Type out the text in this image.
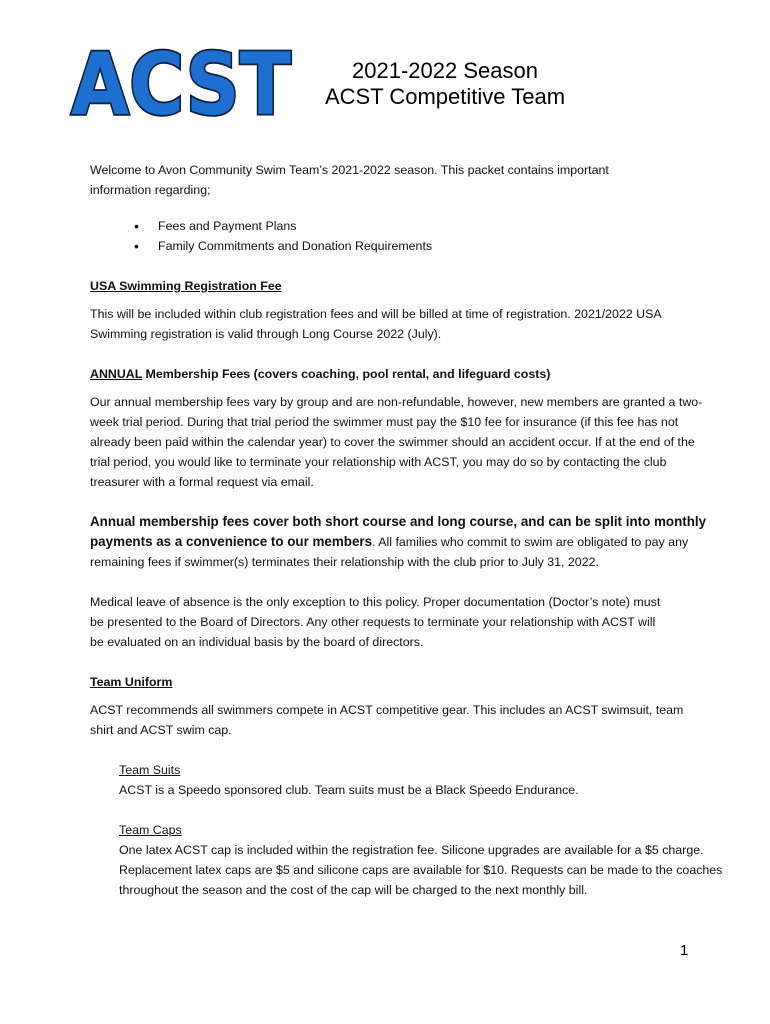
ACST	2021-2022 Season
ACST Competitive Team
Welcome to Avon Community Swim Team’s 2021-2022 season. This packet contains important
information regarding;
• Fees and Payment Plans
• Family Commitments and Donation Requirements
USA Swimming Registration Fee
This will be included within club registration fees and will be billed at time of registration. 2021/2022 USA
Swimming registration is valid through Long Course 2022 (July).
ANNUAL Membership Fees (covers coaching, pool rental, and lifeguard costs)
Our annual membership fees vary by group and are non-refundable, however, new members are granted a two-
week trial period. During that trial period the swimmer must pay the $10 fee for insurance (if this fee has not
already been paid within the calendar year) to cover the swimmer should an accident occur. If at the end of the
trial period, you would like to terminate your relationship with ACST, you may do so by contacting the club
treasurer with a formal request via email.
Annual membership fees cover both short course and long course, and can be split into monthly
payments as a convenience to our members. All families who commit to swim are obligated to pay any
remaining fees if swimmer(s) terminates their relationship with the club prior to July 31, 2022.
Medical leave of absence is the only exception to this policy. Proper documentation (Doctor’s note) must
be presented to the Board of Directors. Any other requests to terminate your relationship with ACST will
be evaluated on an individual basis by the board of directors.
Team Uniform
ACST recommends all swimmers compete in ACST competitive gear. This includes an ACST swimsuit, team
shirt and ACST swim cap.
Team Suits
ACST is a Speedo sponsored club. Team suits must be a Black Speedo Endurance.
Team Caps
One latex ACST cap is included within the registration fee. Silicone upgrades are available for a $5 charge.
Replacement latex caps are $5 and silicone caps are available for $10. Requests can be made to the coaches
throughout the season and the cost of the cap will be charged to the next monthly bill.
1
